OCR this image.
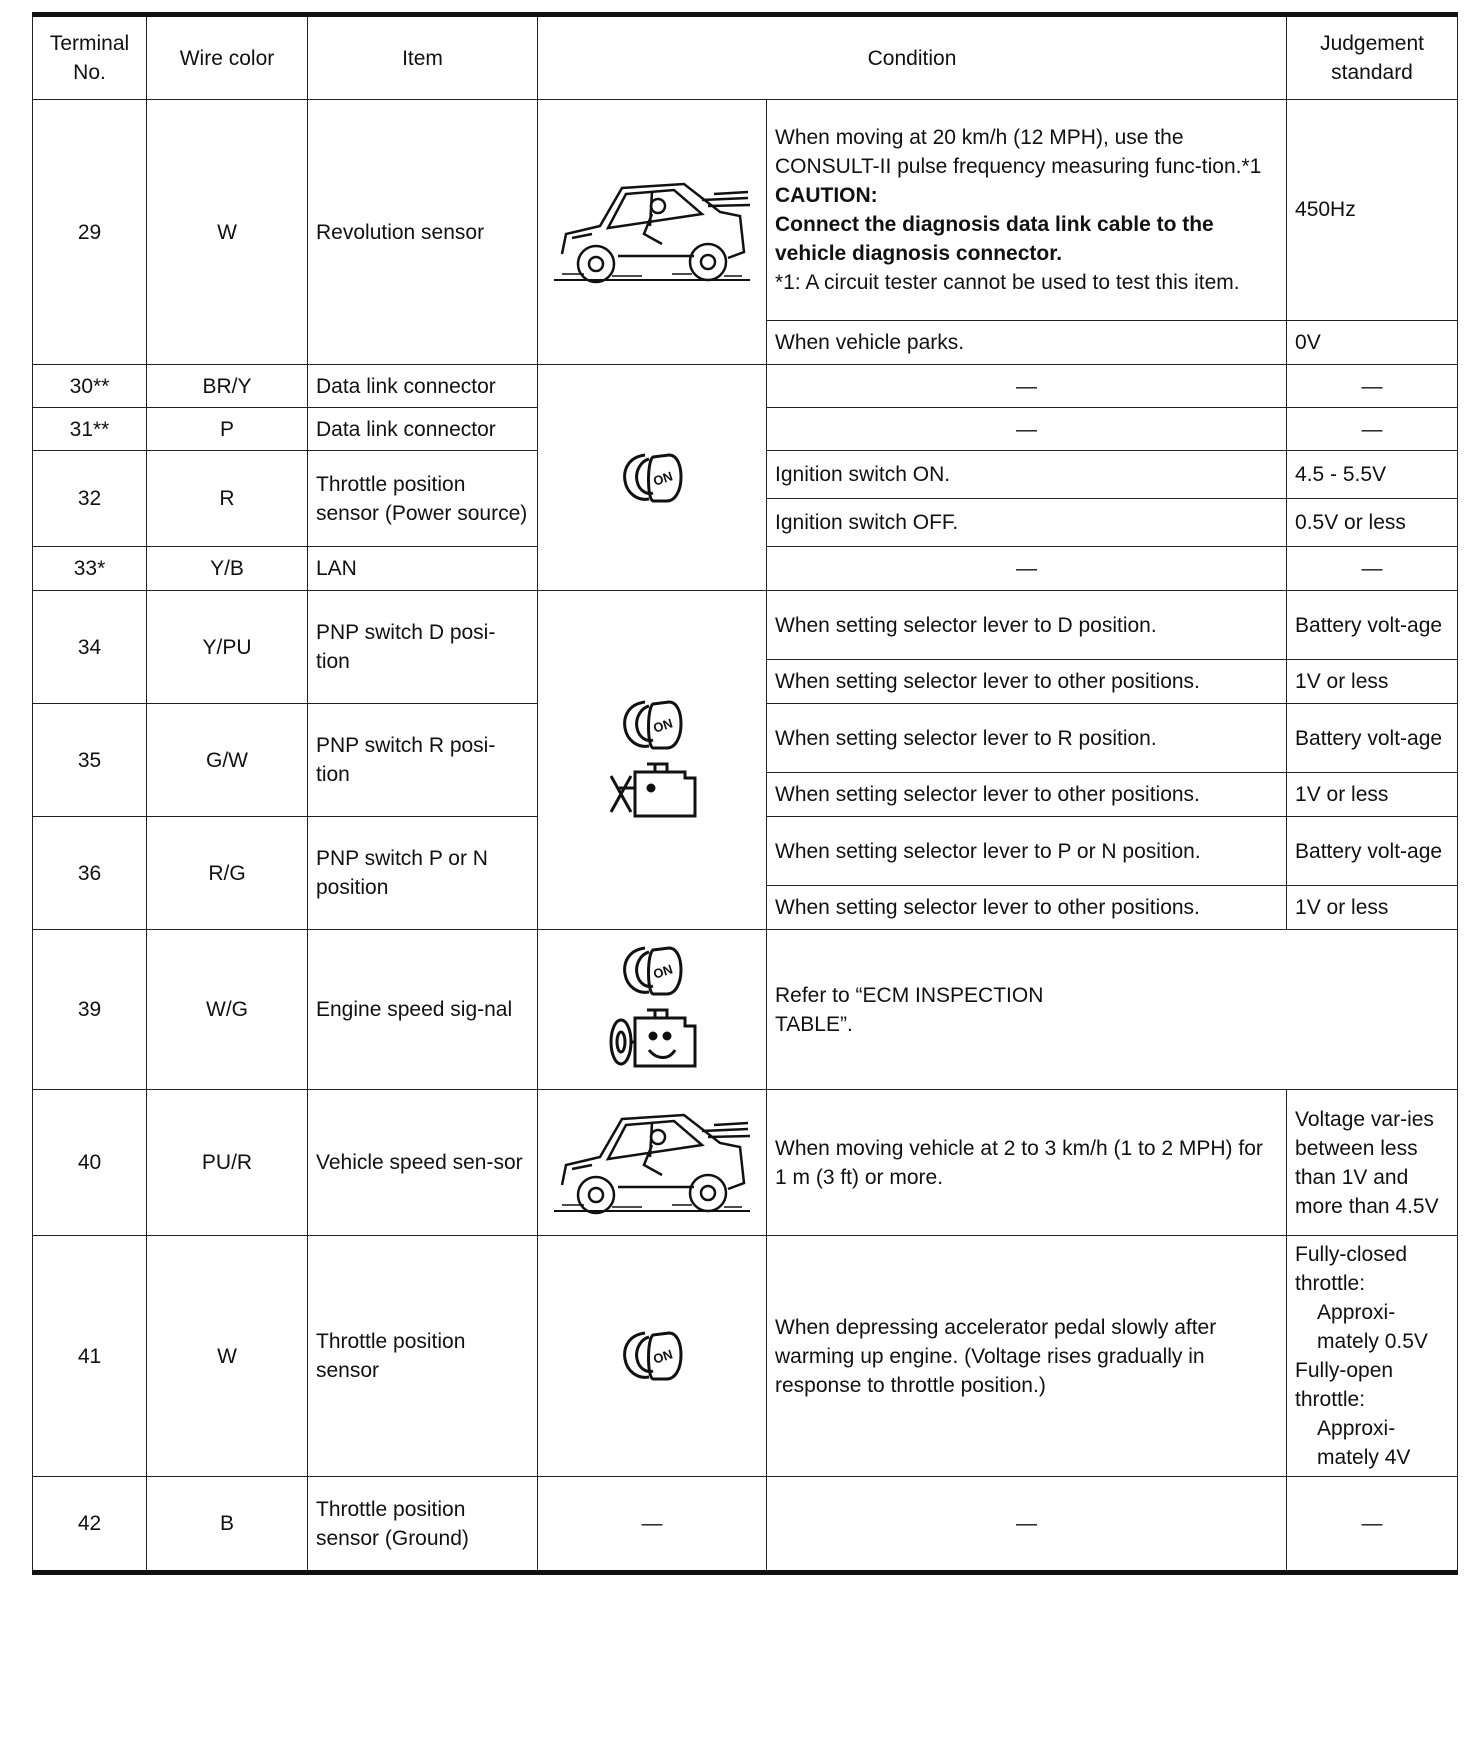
Terminal No.	Wire color	Item	Condition		Judgement standard
29	W	Revolution sensor		When moving at 20 km/h (12 MPH), use the CONSULT-II pulse frequency measuring func-tion.*1
CAUTION:
Connect the diagnosis data link cable to the vehicle diagnosis connector.
*1: A circuit tester cannot be used to test this item.	450Hz
				When vehicle parks.	0V
30**	BR/Y	Data link connector	ON	—	—
31**	P	Data link connector		—	—
32	R	Throttle position sensor (Power source)		Ignition switch ON.	4.5 - 5.5V
				Ignition switch OFF.	0.5V or less
33*	Y/B	LAN		—	—
34	Y/PU	PNP switch D posi-tion	ON	When setting selector lever to D position.	Battery volt-age
				When setting selector lever to other positions.	1V or less
35	G/W	PNP switch R posi-tion		When setting selector lever to R position.	Battery volt-age
				When setting selector lever to other positions.	1V or less
36	R/G	PNP switch P or N position		When setting selector lever to P or N position.	Battery volt-age
				When setting selector lever to other positions.	1V or less
39	W/G	Engine speed sig-nal	ON	Refer to “ECM INSPECTION
TABLE”.	

40	PU/R	Vehicle speed sen-sor		When moving vehicle at 2 to 3 km/h (1 to 2 MPH) for 1 m (3 ft) or more.	Voltage var-ies between less than 1V and more than 4.5V
41	W	Throttle position sensor	ON	When depressing accelerator pedal slowly after warming up engine. (Voltage rises gradually in response to throttle position.)	Fully-closed throttle:
Approxi-mately 0.5V
Fully-open throttle:
Approxi-mately 4V

42	B	Throttle position sensor (Ground)	—	—	—
